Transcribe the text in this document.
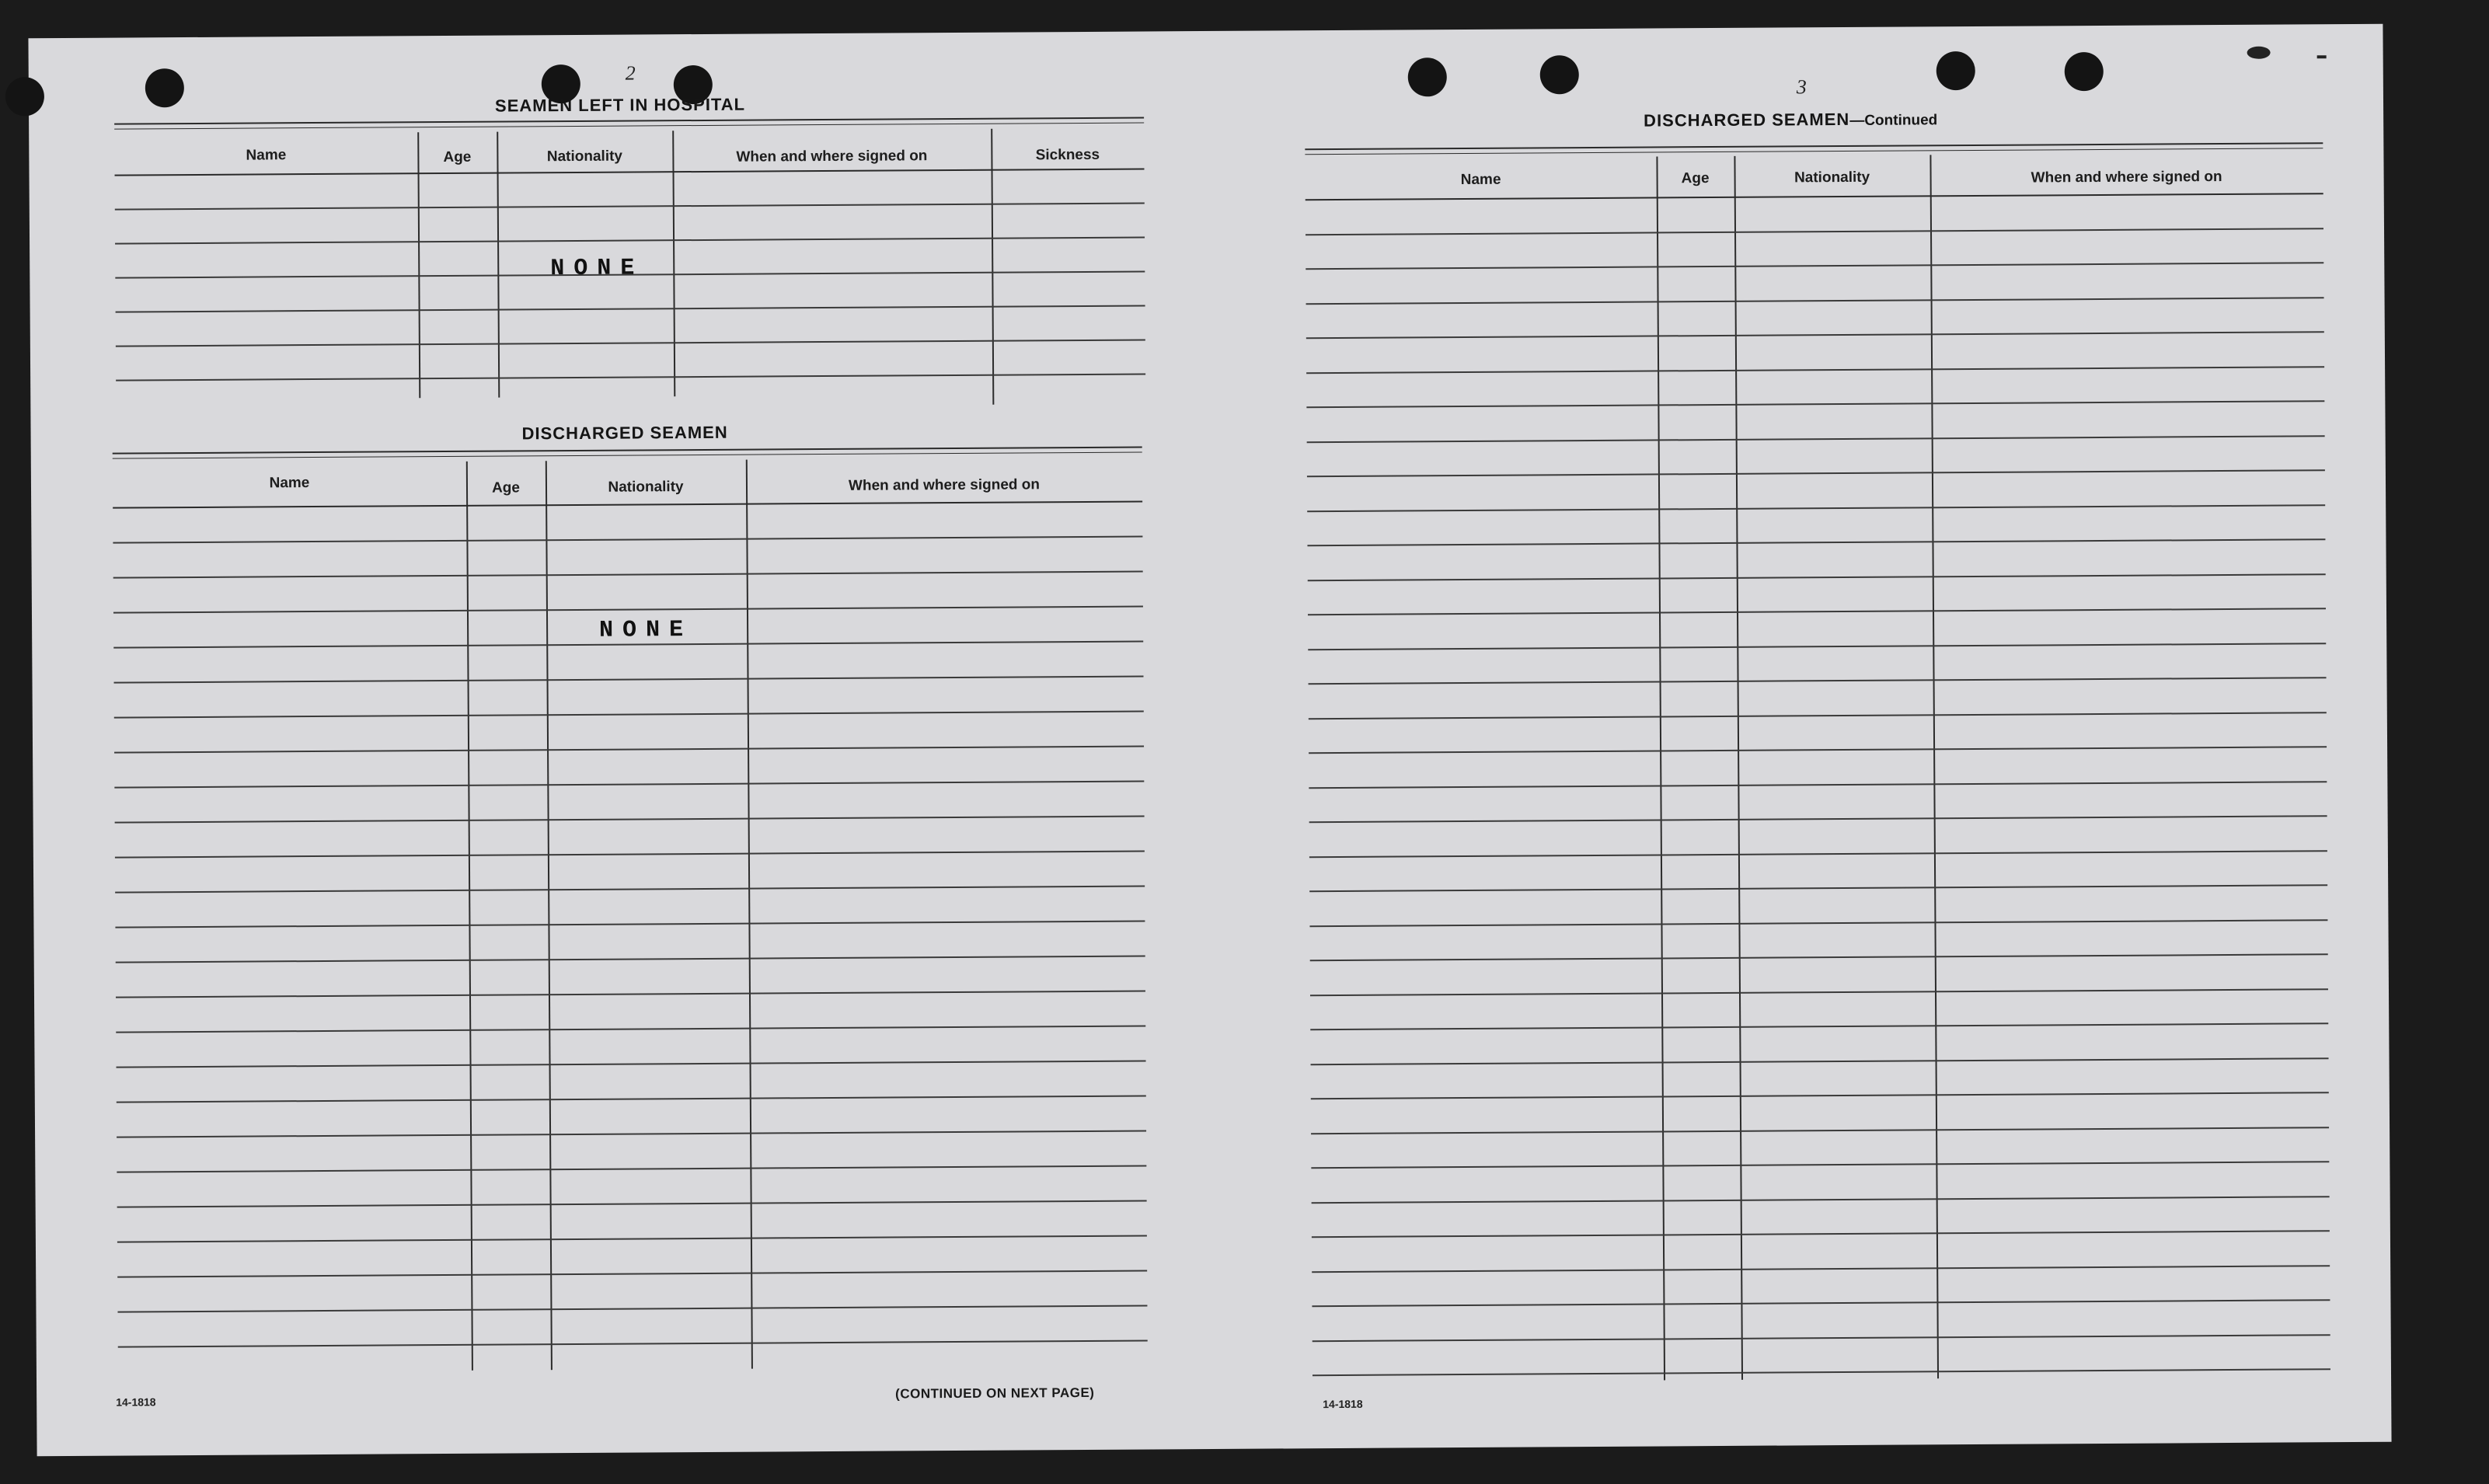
2
SEAMEN LEFT IN HOSPITAL
Name	Age	Nationality	When and where signed on	Sickness
NONE
DISCHARGED SEAMEN
Name	Age	Nationality	When and where signed on
NONE
14-1818
(CONTINUED ON NEXT PAGE)
3
DISCHARGED SEAMEN—Continued
Name	Age	Nationality	When and where signed on
14-1818
